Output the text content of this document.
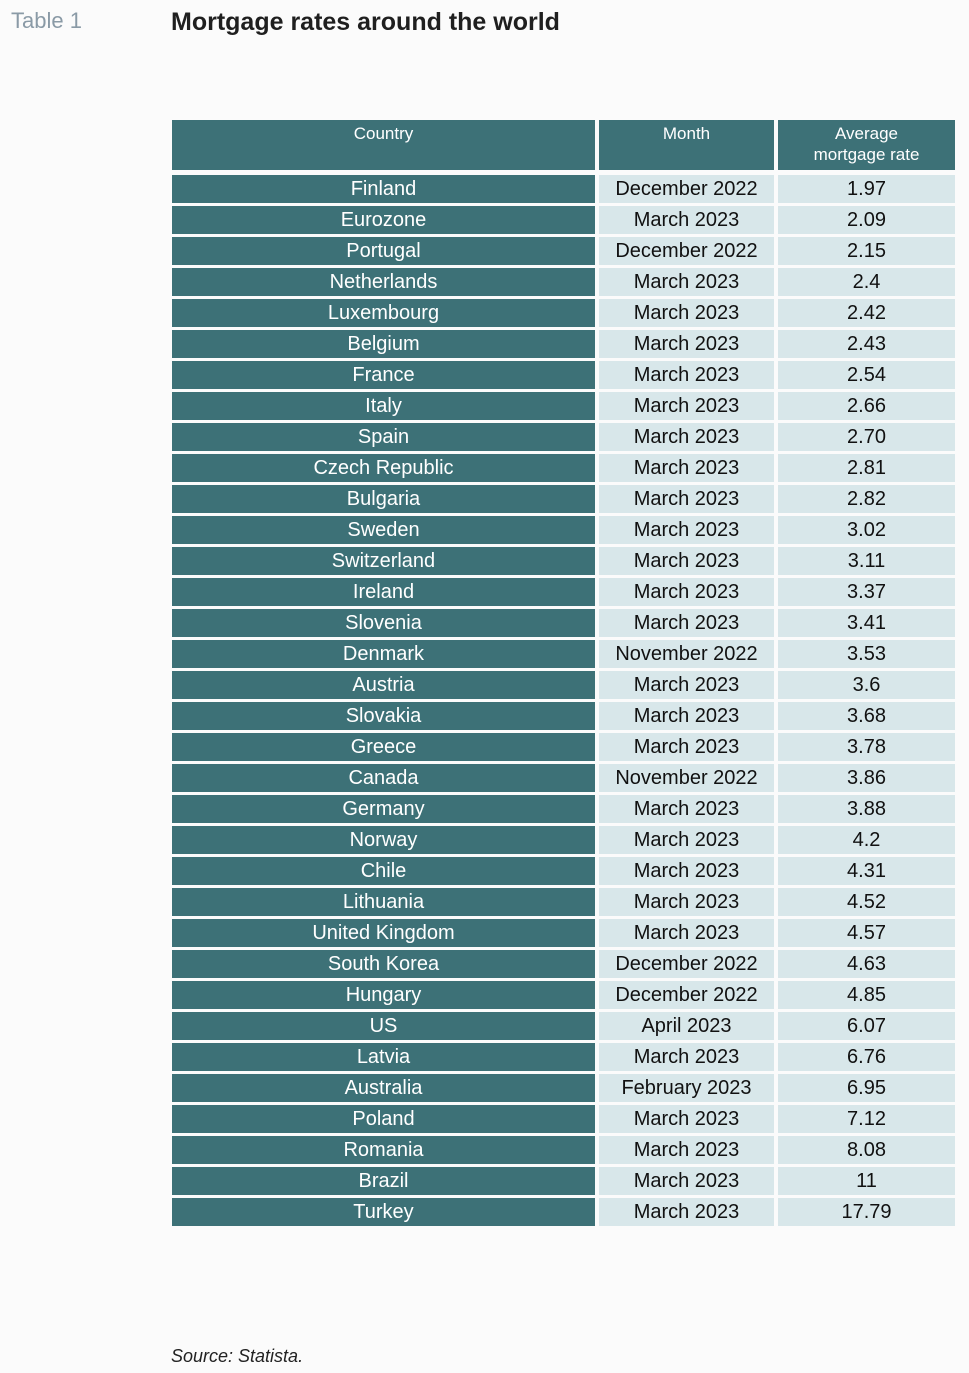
Table 1	Mortgage rates around the world
Country	Month	Average
mortgage rate
Finland	December 2022	1.97
Eurozone	March 2023	2.09
Portugal	December 2022	2.15
Netherlands	March 2023	2.4
Luxembourg	March 2023	2.42
Belgium	March 2023	2.43
France	March 2023	2.54
Italy	March 2023	2.66
Spain	March 2023	2.70
Czech Republic	March 2023	2.81
Bulgaria	March 2023	2.82
Sweden	March 2023	3.02
Switzerland	March 2023	3.11
Ireland	March 2023	3.37
Slovenia	March 2023	3.41
Denmark	November 2022	3.53
Austria	March 2023	3.6
Slovakia	March 2023	3.68
Greece	March 2023	3.78
Canada	November 2022	3.86
Germany	March 2023	3.88
Norway	March 2023	4.2
Chile	March 2023	4.31
Lithuania	March 2023	4.52
United Kingdom	March 2023	4.57
South Korea	December 2022	4.63
Hungary	December 2022	4.85
US	April 2023	6.07
Latvia	March 2023	6.76
Australia	February 2023	6.95
Poland	March 2023	7.12
Romania	March 2023	8.08
Brazil	March 2023	11
Turkey	March 2023	17.79
Source: Statista.
